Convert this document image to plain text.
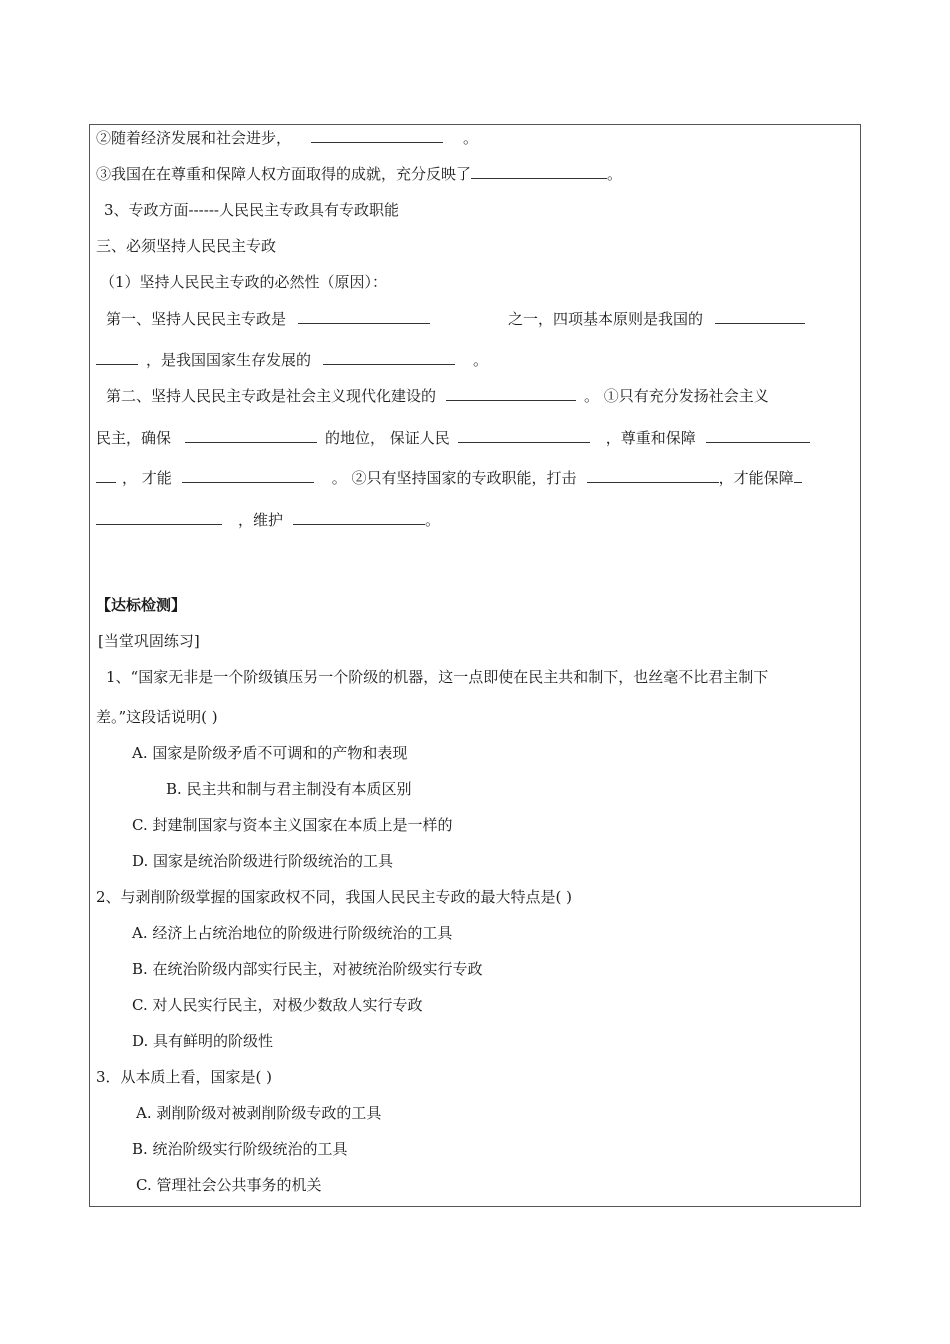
②随着经济发展和社会进步，	。
③我国在在尊重和保障人权方面取得的成就，充分反映了	。
3、专政方面------人民民主专政具有专政职能
三、必须坚持人民民主专政
（1）坚持人民民主专政的必然性（原因）：
第一、坚持人民民主专政是	之一，四项基本原则是我国的
，是我国国家生存发展的	。
第二、坚持人民民主专政是社会主义现代化建设的	。 ①只有充分发扬社会主义
民主，确保	的地位， 保证人民	，尊重和保障
， 才能	。 ②只有坚持国家的专政职能，打击	，才能保障
，维护	。
【达标检测】
[当堂巩固练习]
1、“国家无非是一个阶级镇压另一个阶级的机器，这一点即使在民主共和制下，也丝毫不比君主制下
差。”这段话说明( )
A. 国家是阶级矛盾不可调和的产物和表现
B. 民主共和制与君主制没有本质区别
C. 封建制国家与资本主义国家在本质上是一样的
D. 国家是统治阶级进行阶级统治的工具
2、与剥削阶级掌握的国家政权不同，我国人民民主专政的最大特点是( )
A. 经济上占统治地位的阶级进行阶级统治的工具
B. 在统治阶级内部实行民主，对被统治阶级实行专政
C. 对人民实行民主，对极少数敌人实行专政
D. 具有鲜明的阶级性
3．从本质上看，国家是( )
A. 剥削阶级对被剥削阶级专政的工具
B. 统治阶级实行阶级统治的工具
C. 管理社会公共事务的机关
